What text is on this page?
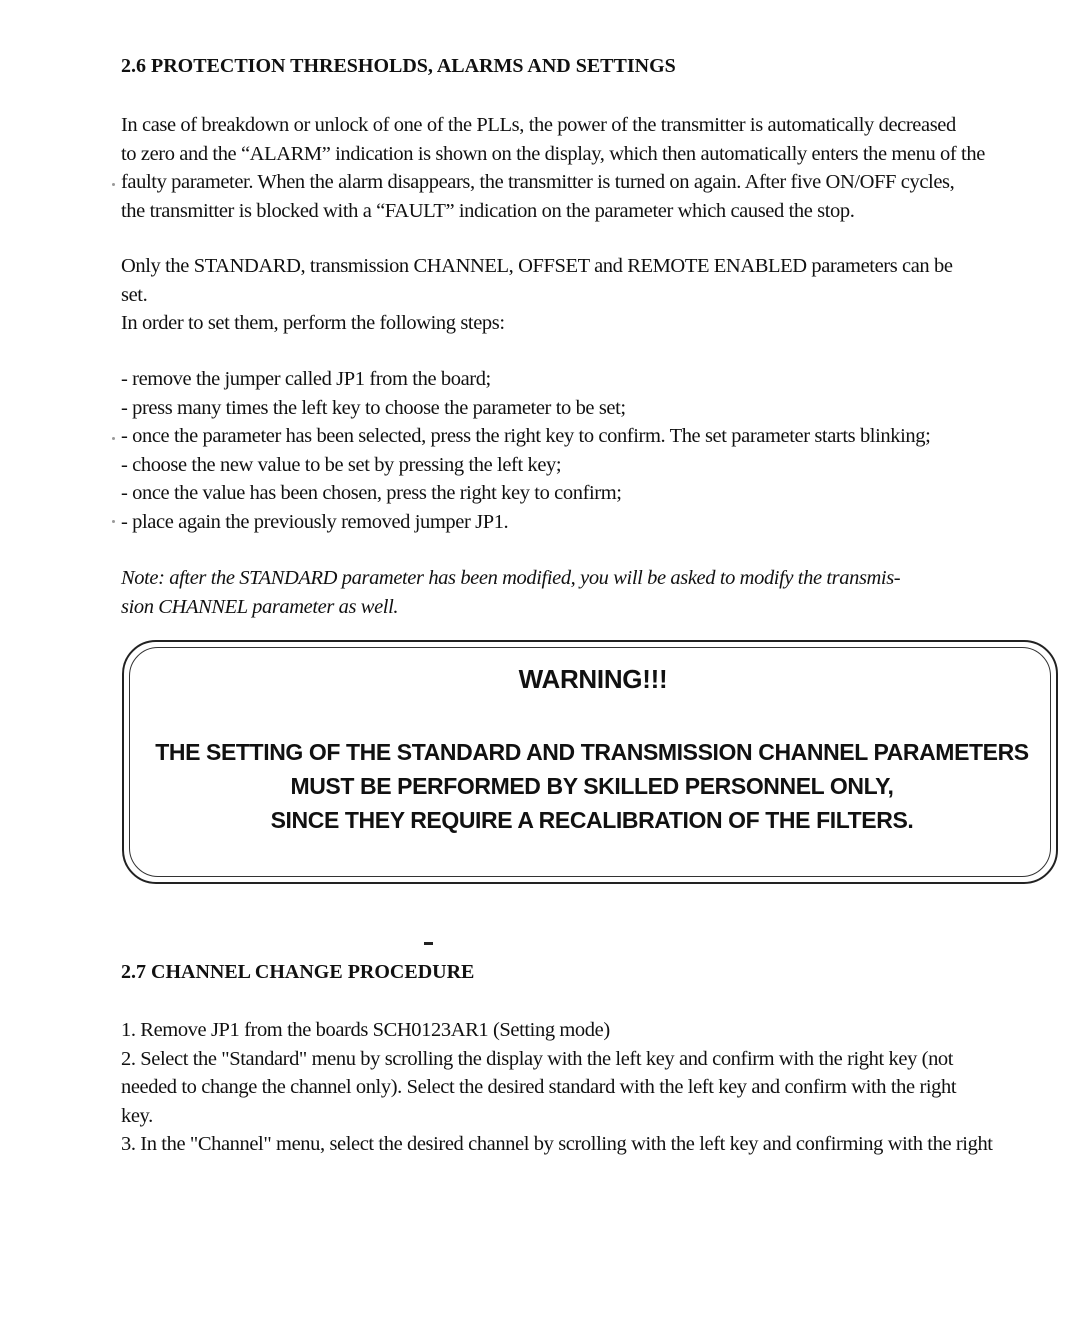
2.6 PROTECTION THRESHOLDS, ALARMS AND SETTINGS
In case of breakdown or unlock of one of the PLLs, the power of the transmitter is automatically decreased
to zero and the “ALARM” indication is shown on the display, which then automatically enters the menu of the
faulty parameter. When the alarm disappears, the transmitter is turned on again. After five ON/OFF cycles,
the transmitter is blocked with a “FAULT” indication on the parameter which caused the stop.
Only the STANDARD, transmission CHANNEL, OFFSET and REMOTE ENABLED parameters can be
set.
In order to set them, perform the following steps:
- remove the jumper called JP1 from the board;
- press many times the left key to choose the parameter to be set;
- once the parameter has been selected, press the right key to confirm. The set parameter starts blinking;
- choose the new value to be set by pressing the left key;
- once the value has been chosen, press the right key to confirm;
- place again the previously removed jumper JP1.
Note: after the STANDARD parameter has been modified, you will be asked to modify the transmis-
sion CHANNEL parameter as well.
WARNING!!!
THE SETTING OF THE STANDARD AND TRANSMISSION CHANNEL PARAMETERS
MUST BE PERFORMED BY SKILLED PERSONNEL ONLY,
SINCE THEY REQUIRE A RECALIBRATION OF THE FILTERS.
2.7 CHANNEL CHANGE PROCEDURE
1. Remove JP1 from the boards SCH0123AR1 (Setting mode)
2. Select the "Standard" menu by scrolling the display with the left key and confirm with the right key (not
needed to change the channel only). Select the desired standard with the left key and confirm with the right
key.
3. In the "Channel" menu, select the desired channel by scrolling with the left key and confirming with the right
